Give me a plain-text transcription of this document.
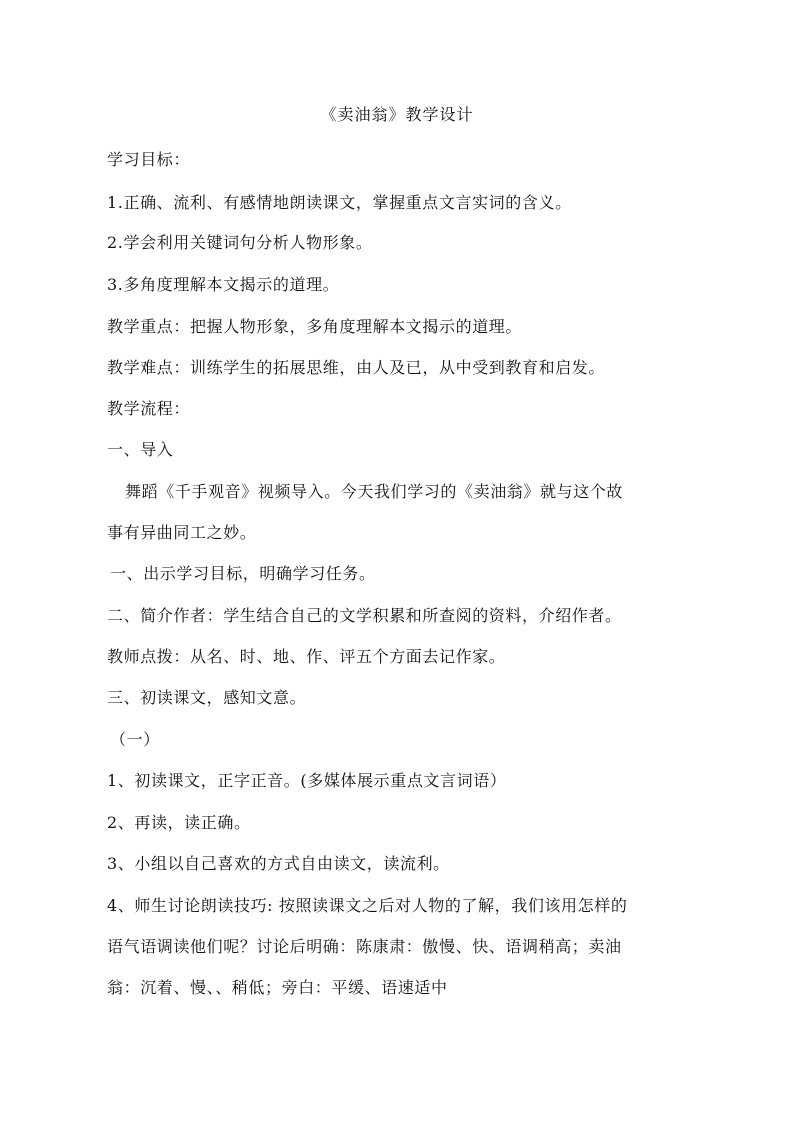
《卖油翁》教学设计
学习目标：
1.正确、流利、有感情地朗读课文，掌握重点文言实词的含义。
2.学会利用关键词句分析人物形象。
3.多角度理解本文揭示的道理。
教学重点：把握人物形象，多角度理解本文揭示的道理。
教学难点：训练学生的拓展思维，由人及已，从中受到教育和启发。
教学流程：
一、导入
舞蹈《千手观音》视频导入。今天我们学习的《卖油翁》就与这个故
事有异曲同工之妙。
一、出示学习目标，明确学习任务。
二、简介作者：学生结合自己的文学积累和所查阅的资料，介绍作者。
教师点拨：从名、时、地、作、评五个方面去记作家。
三、初读课文，感知文意。
（一）
1、初读课文，正字正音。(多媒体展示重点文言词语）
2、再读，读正确。
3、小组以自己喜欢的方式自由读文，读流利。
4、师生讨论朗读技巧: 按照读课文之后对人物的了解，我们该用怎样的
语气语调读他们呢？讨论后明确：陈康肃：傲慢、快、语调稍高；卖油
翁：沉着、慢、、稍低；旁白：平缓、语速适中
